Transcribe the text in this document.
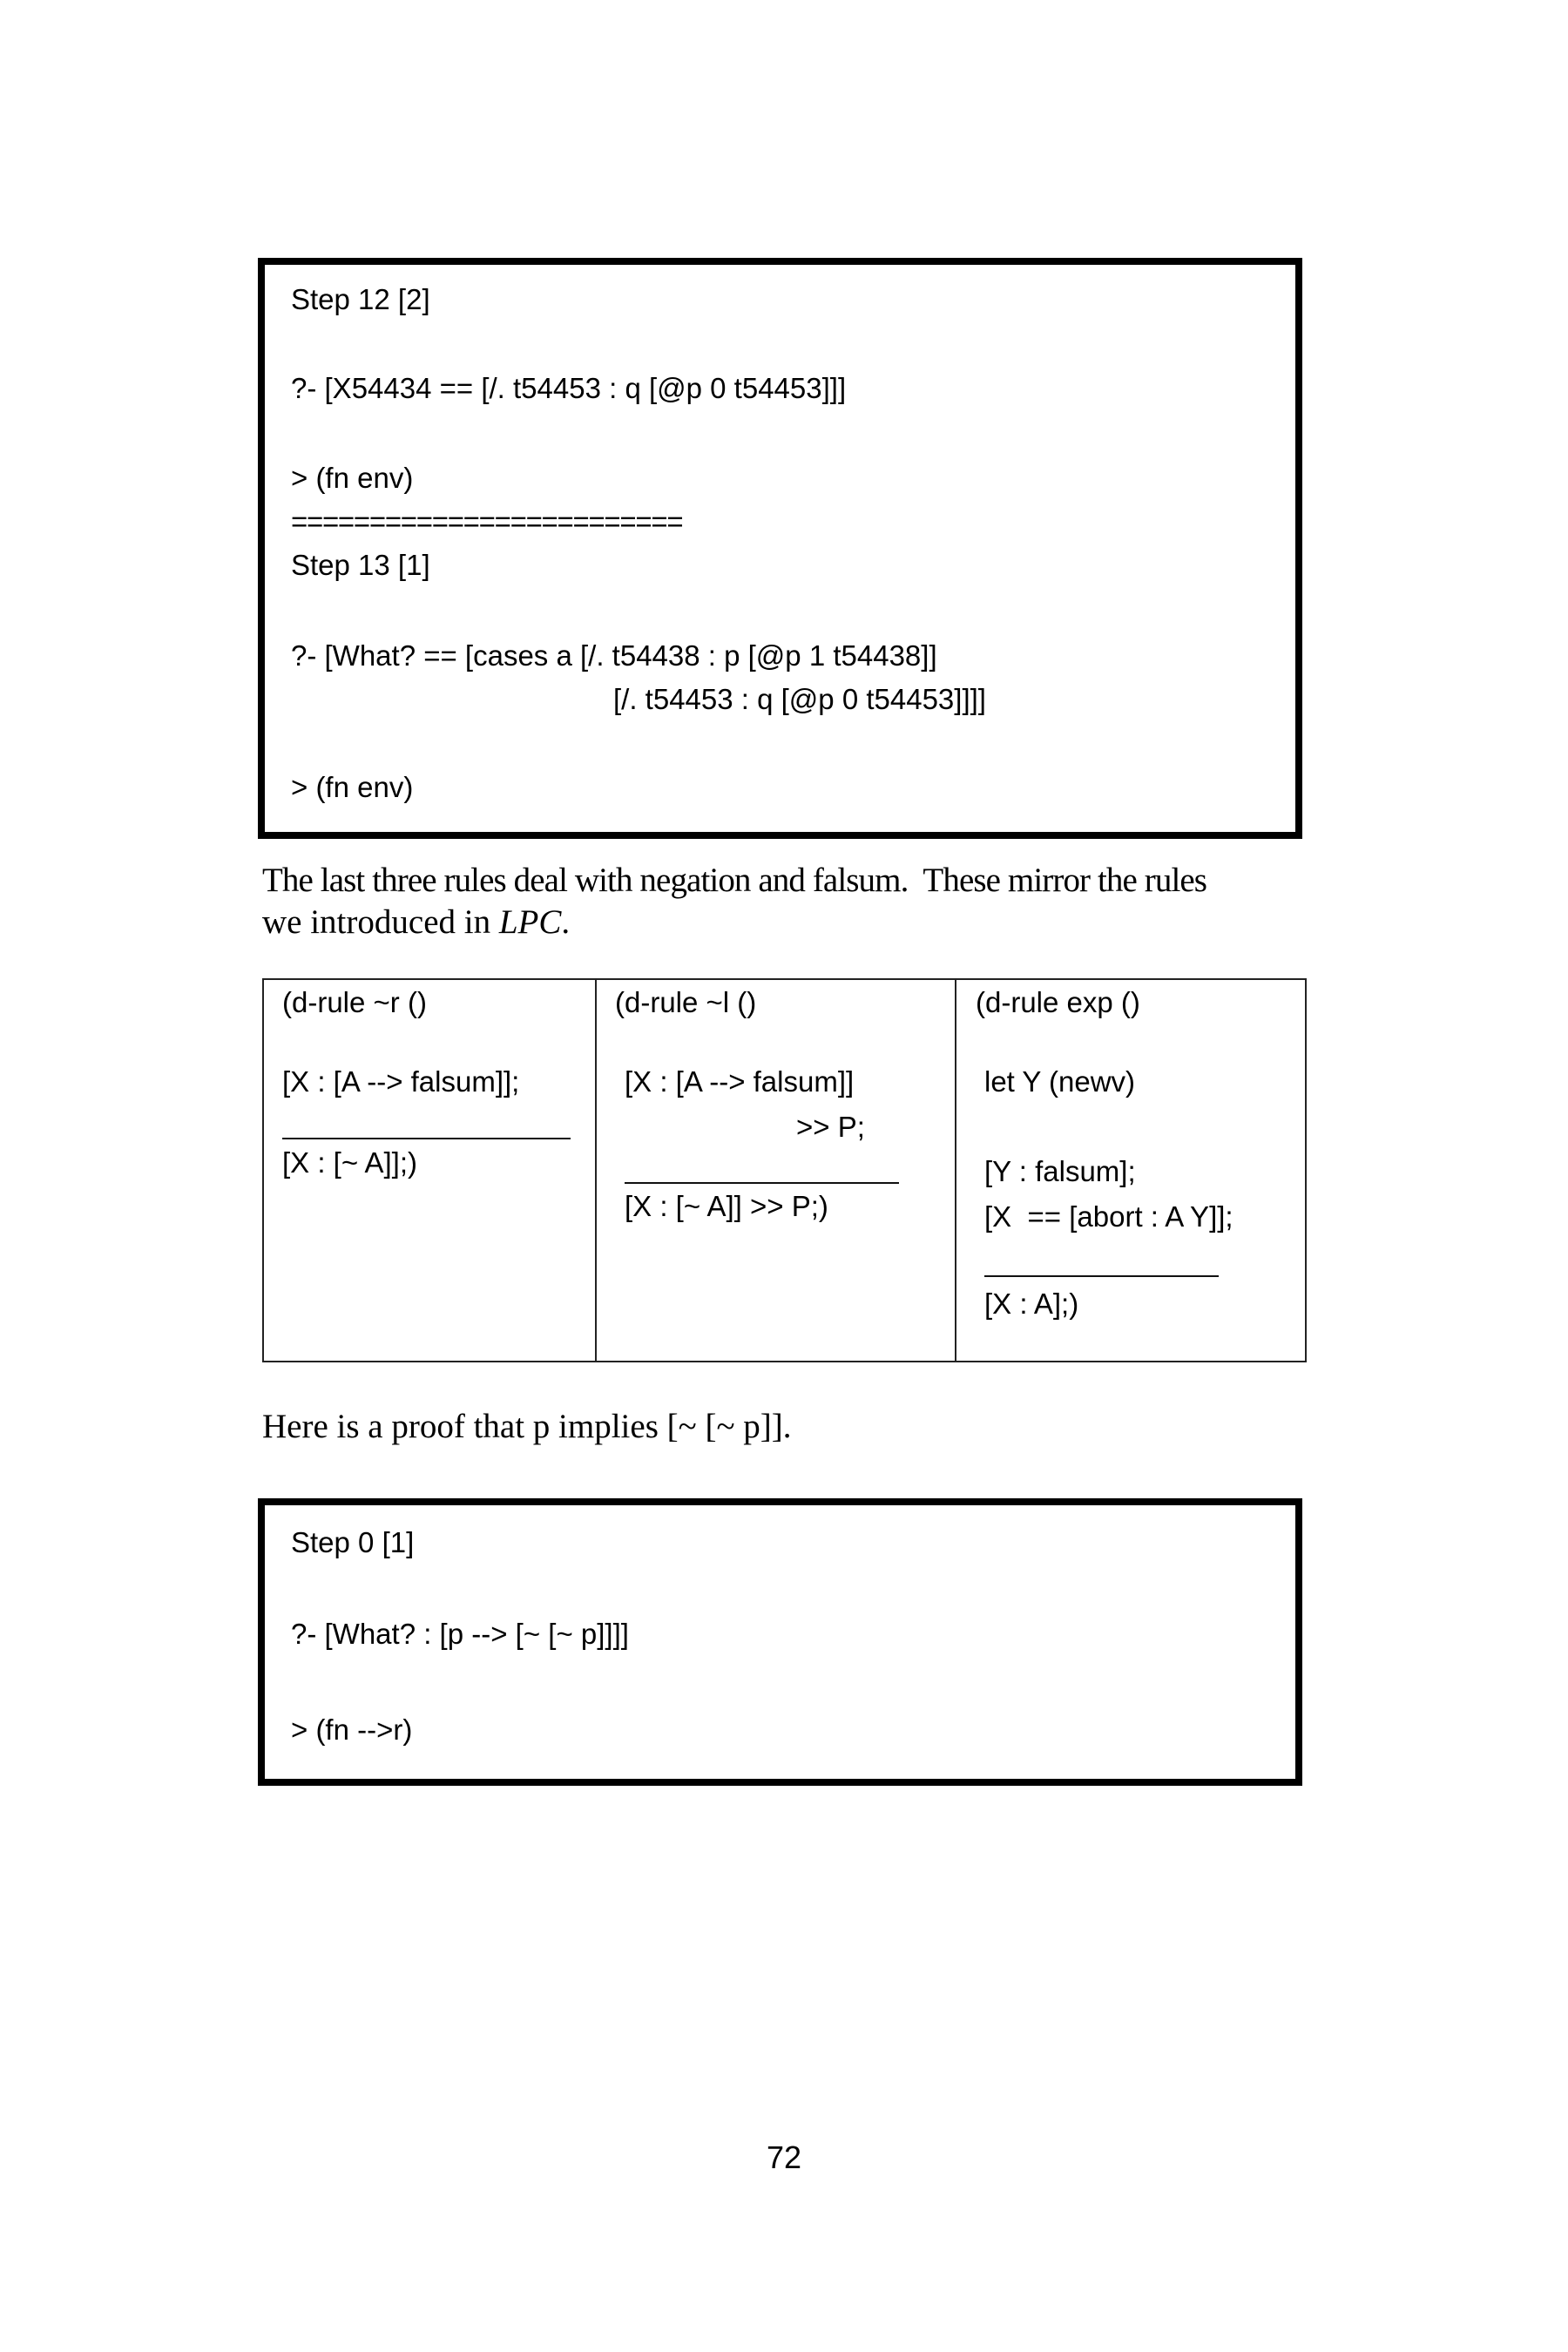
Step 12 [2]
?- [X54434 == [/. t54453 : q [@p 0 t54453]]]
> (fn env)
=========================
Step 13 [1]
?- [What? == [cases a [/. t54438 : p [@p 1 t54438]]
[/. t54453 : q [@p 0 t54453]]]]
> (fn env)
The last three rules deal with negation and falsum.  These mirror the rules
we introduced in LPC.
(d-rule ~r ()
[X : [A --> falsum]];
[X : [~ A]];)
(d-rule ~l ()
[X : [A --> falsum]]
>> P;
[X : [~ A]] >> P;)
(d-rule exp ()
let Y (newv)
[Y : falsum];
[X  == [abort : A Y]];
[X : A];)
Here is a proof that p implies [~ [~ p]].
Step 0 [1]
?- [What? : [p --> [~ [~ p]]]]
> (fn -->r)
72
